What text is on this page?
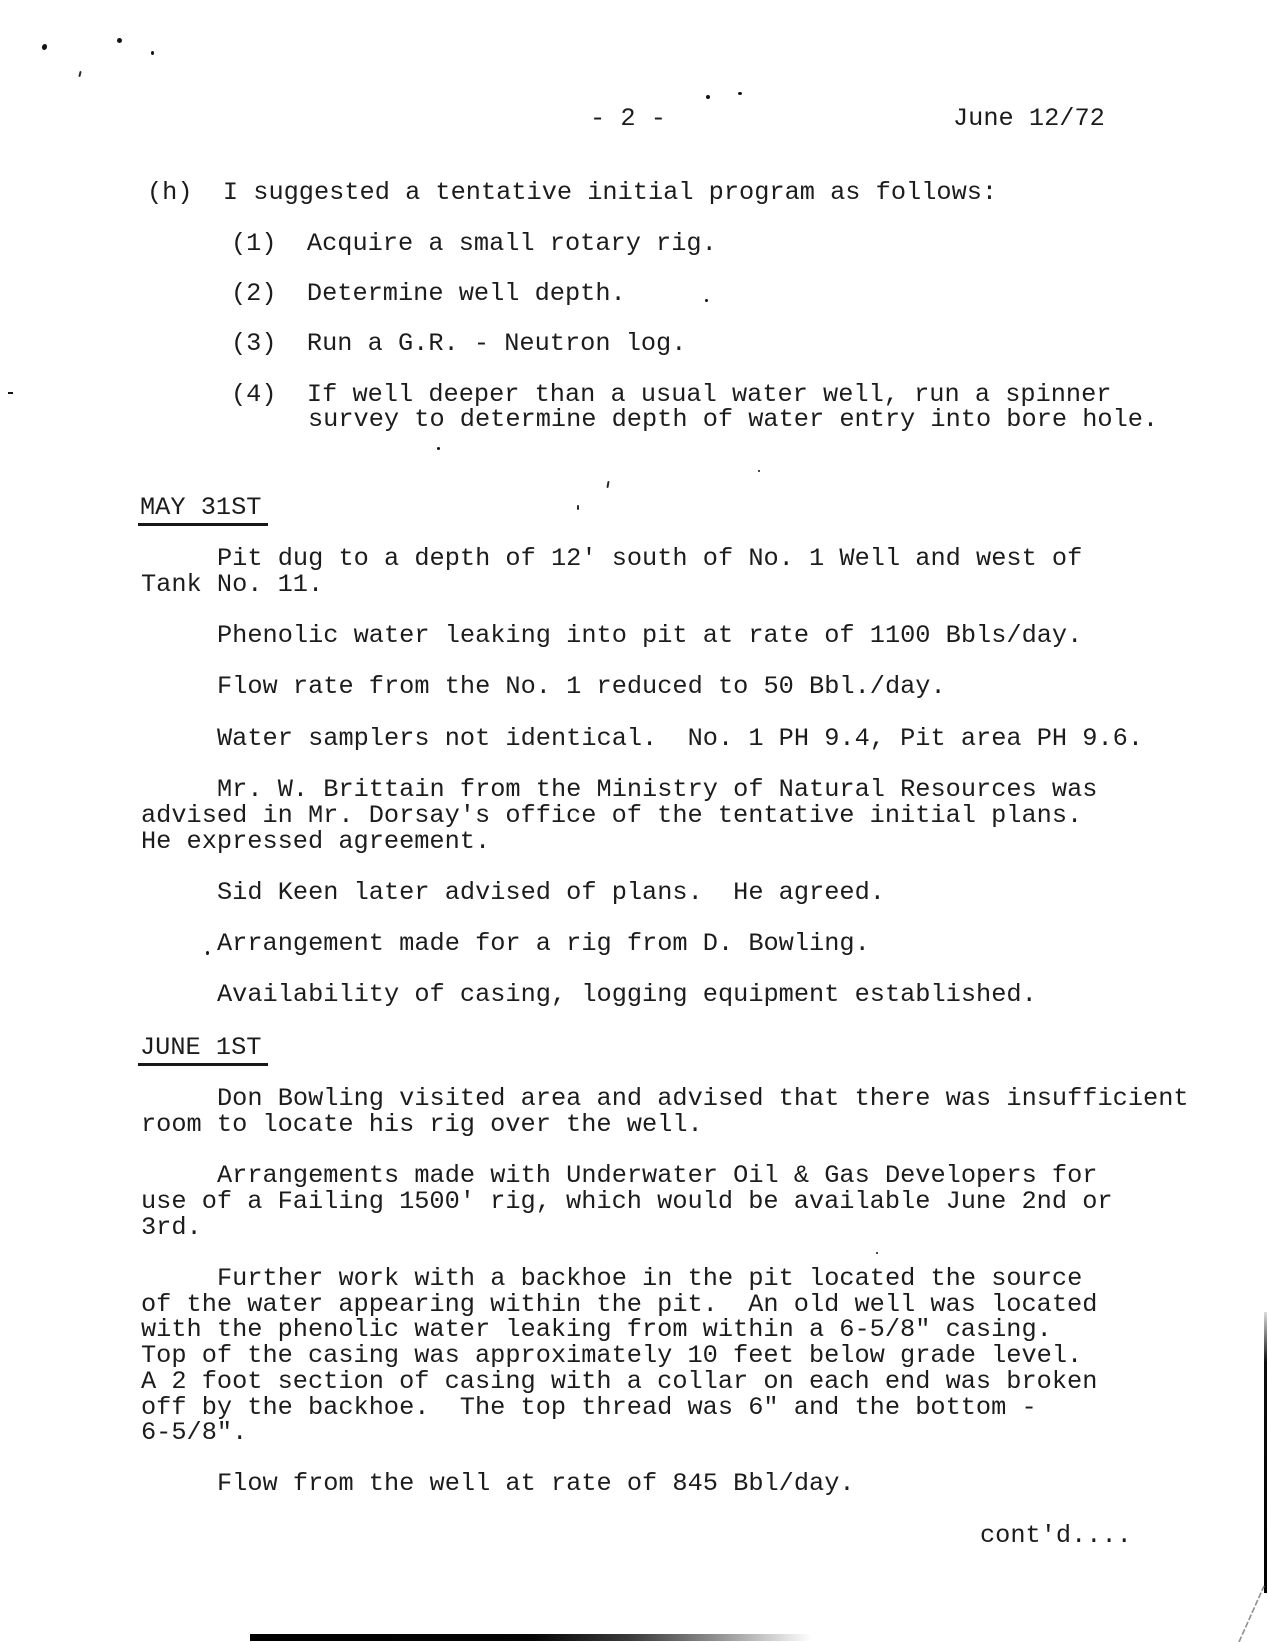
- 2 -	June 12/72
(h)  I suggested a tentative initial program as follows:
(1)  Acquire a small rotary rig.
(2)  Determine well depth.
(3)  Run a G.R. - Neutron log.
(4)  If well deeper than a usual water well, run a spinner
survey to determine depth of water entry into bore hole.
MAY 31ST
Pit dug to a depth of 12' south of No. 1 Well and west of
Tank No. 11.
Phenolic water leaking into pit at rate of 1100 Bbls/day.
Flow rate from the No. 1 reduced to 50 Bbl./day.
Water samplers not identical.  No. 1 PH 9.4, Pit area PH 9.6.
Mr. W. Brittain from the Ministry of Natural Resources was
advised in Mr. Dorsay's office of the tentative initial plans.
He expressed agreement.
Sid Keen later advised of plans.  He agreed.
Arrangement made for a rig from D. Bowling.
Availability of casing, logging equipment established.
JUNE 1ST
Don Bowling visited area and advised that there was insufficient
room to locate his rig over the well.
Arrangements made with Underwater Oil & Gas Developers for
use of a Failing 1500' rig, which would be available June 2nd or
3rd.
Further work with a backhoe in the pit located the source
of the water appearing within the pit.  An old well was located
with the phenolic water leaking from within a 6-5/8" casing.
Top of the casing was approximately 10 feet below grade level.
A 2 foot section of casing with a collar on each end was broken
off by the backhoe.  The top thread was 6" and the bottom -
6-5/8".
Flow from the well at rate of 845 Bbl/day.
cont'd....
